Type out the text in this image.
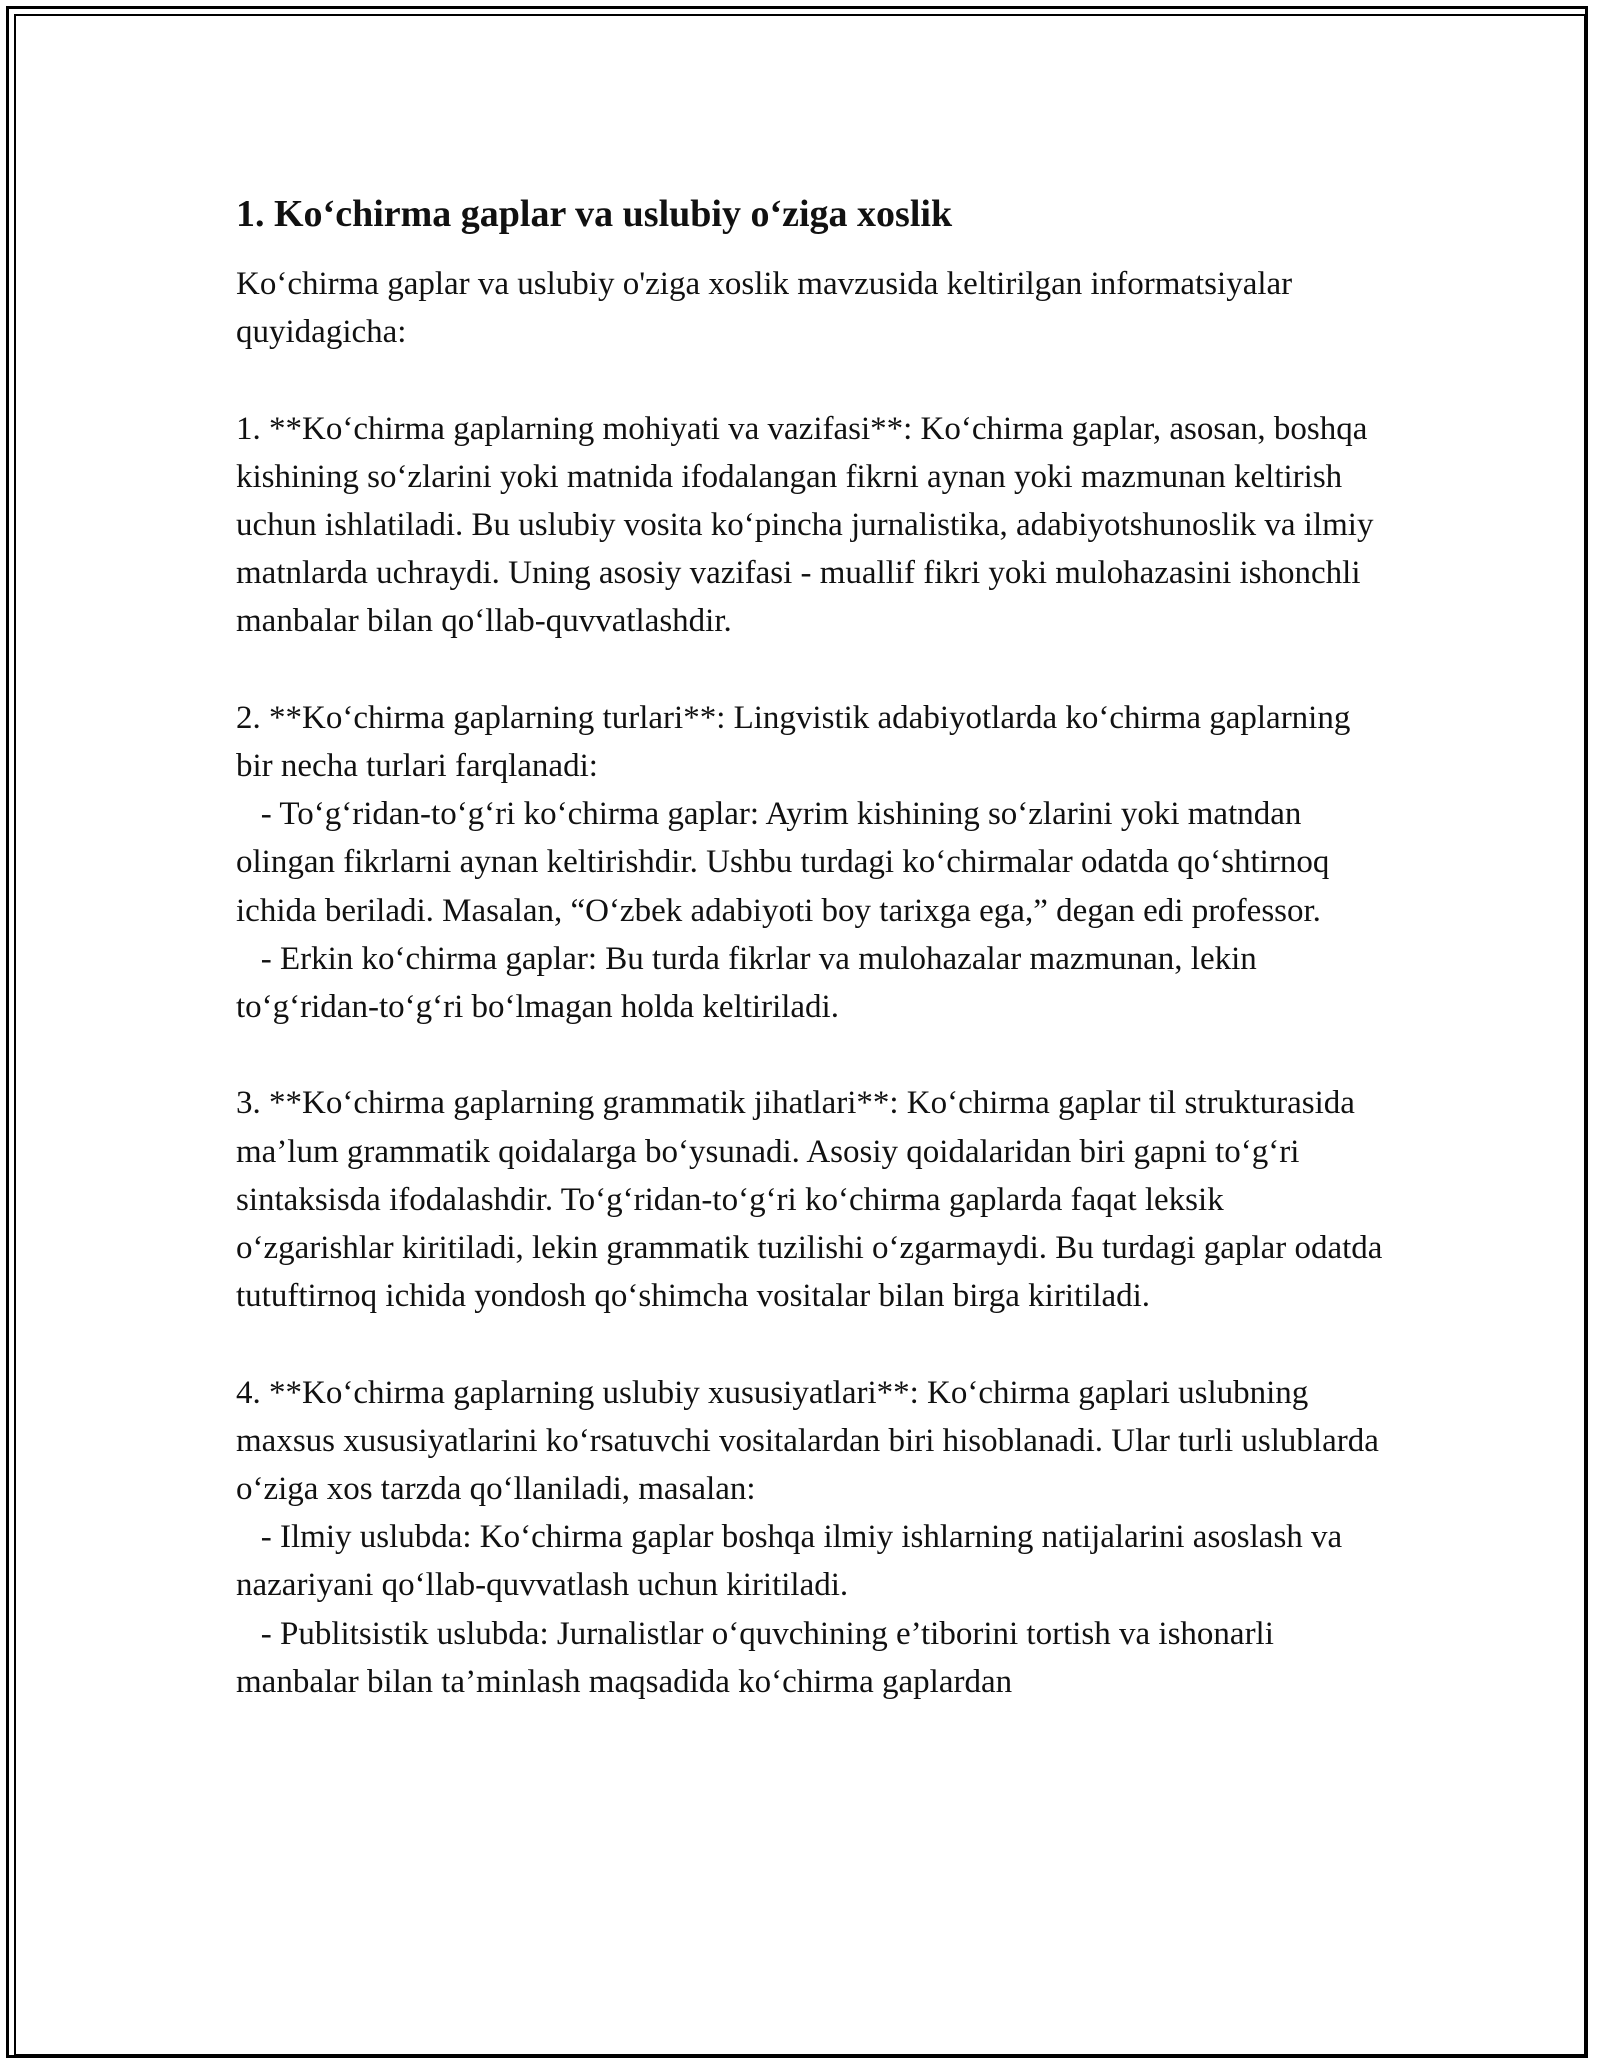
1. Ko‘chirma gaplar va uslubiy o‘ziga xoslik

Ko‘chirma gaplar va uslubiy o'ziga xoslik mavzusida keltirilgan informatsiyalar quyidagicha:

1. **Ko‘chirma gaplarning mohiyati va vazifasi**: Ko‘chirma gaplar, asosan, boshqa kishining so‘zlarini yoki matnida ifodalangan fikrni aynan yoki mazmunan keltirish uchun ishlatiladi. Bu uslubiy vosita ko‘pincha jurnalistika, adabiyotshunoslik va ilmiy matnlarda uchraydi. Uning asosiy vazifasi - muallif fikri yoki mulohazasini ishonchli manbalar bilan qo‘llab-quvvatlashdir.

2. **Ko‘chirma gaplarning turlari**: Lingvistik adabiyotlarda ko‘chirma gaplarning bir necha turlari farqlanadi:

- To‘g‘ridan-to‘g‘ri ko‘chirma gaplar: Ayrim kishining so‘zlarini yoki matndan olingan fikrlarni aynan keltirishdir. Ushbu turdagi ko‘chirmalar odatda qo‘shtirnoq ichida beriladi. Masalan, “O‘zbek adabiyoti boy tarixga ega,” degan edi professor.

- Erkin ko‘chirma gaplar: Bu turda fikrlar va mulohazalar mazmunan, lekin to‘g‘ridan-to‘g‘ri bo‘lmagan holda keltiriladi.

3. **Ko‘chirma gaplarning grammatik jihatlari**: Ko‘chirma gaplar til strukturasida ma’lum grammatik qoidalarga bo‘ysunadi. Asosiy qoidalaridan biri gapni to‘g‘ri sintaksisda ifodalashdir. To‘g‘ridan-to‘g‘ri ko‘chirma gaplarda faqat leksik o‘zgarishlar kiritiladi, lekin grammatik tuzilishi o‘zgarmaydi. Bu turdagi gaplar odatda tutuftirnoq ichida yondosh qo‘shimcha vositalar bilan birga kiritiladi.

4. **Ko‘chirma gaplarning uslubiy xususiyatlari**: Ko‘chirma gaplari uslubning maxsus xususiyatlarini ko‘rsatuvchi vositalardan biri hisoblanadi. Ular turli uslublarda o‘ziga xos tarzda qo‘llaniladi, masalan:

- Ilmiy uslubda: Ko‘chirma gaplar boshqa ilmiy ishlarning natijalarini asoslash va nazariyani qo‘llab-quvvatlash uchun kiritiladi.

- Publitsistik uslubda: Jurnalistlar o‘quvchining e’tiborini tortish va ishonarli manbalar bilan ta’minlash maqsadida ko‘chirma gaplardan
